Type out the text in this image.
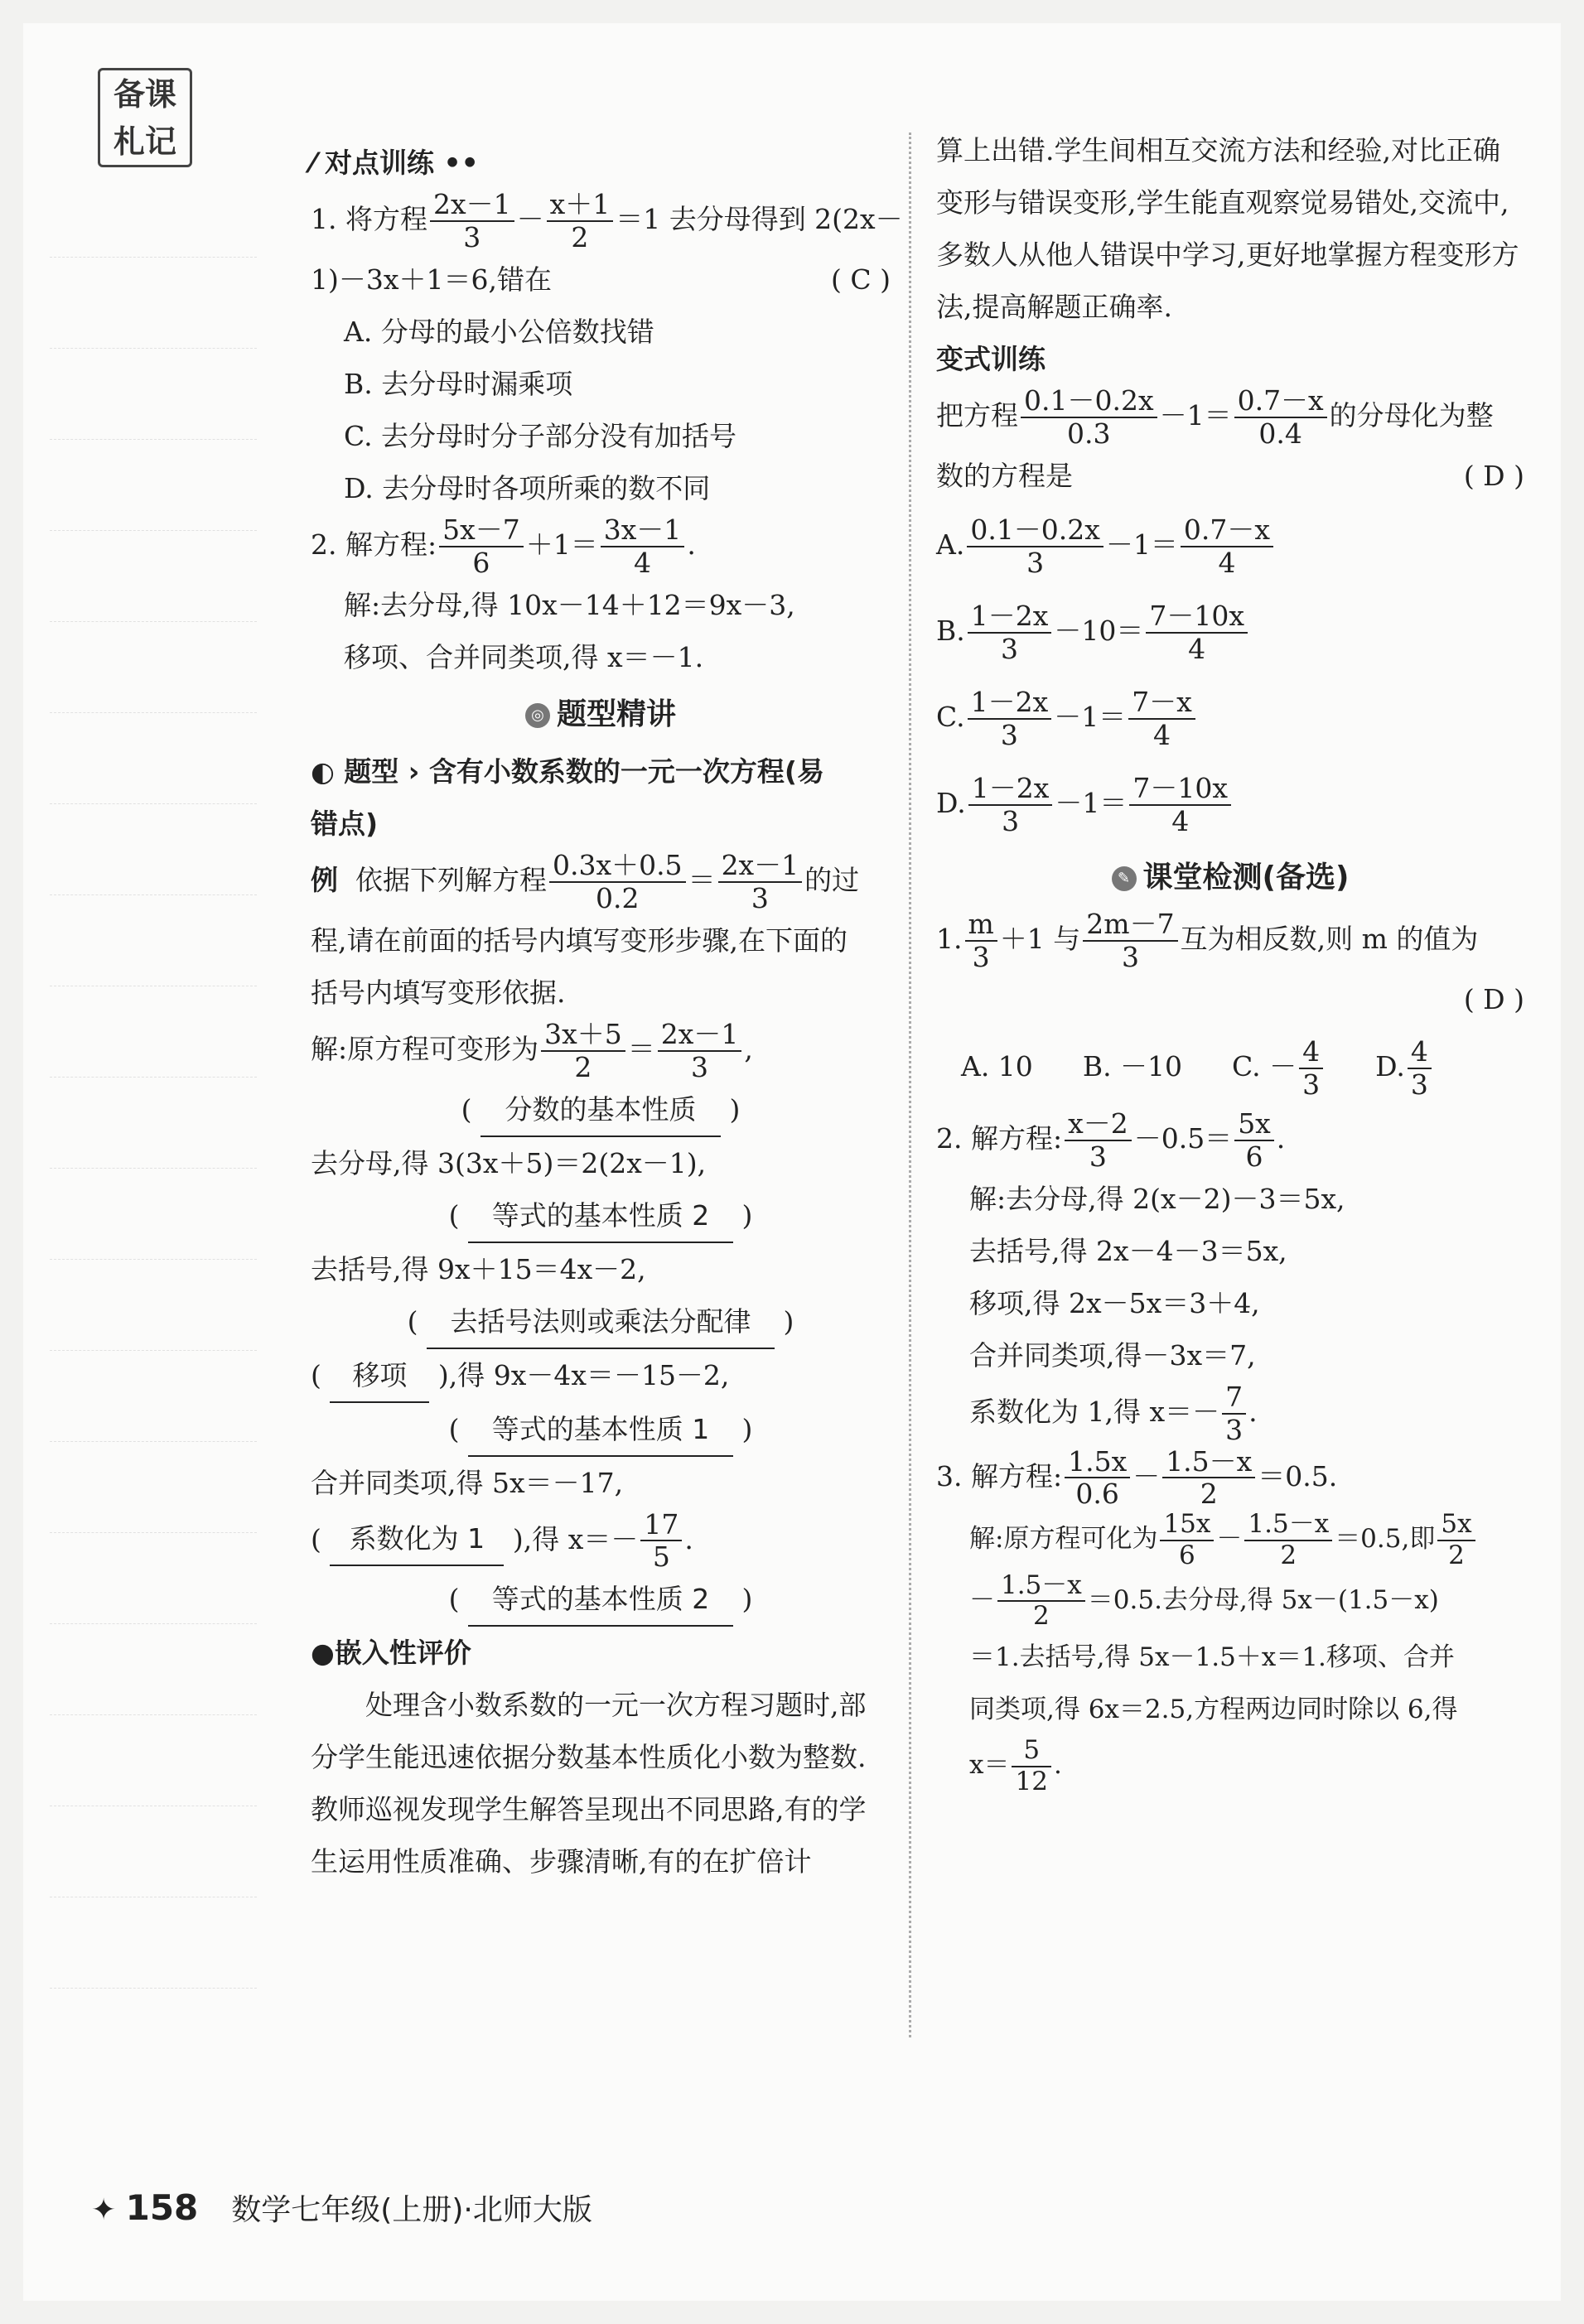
备课
札记

⁄ 对点训练 ••

1. 将方程 $\frac{2x-1}{3} - \frac{x+1}{2} =1$ 去分母得到 2(2x－

1)－3x＋1＝6,错在	( C )

A. 分母的最小公倍数找错

B. 去分母时漏乘项

C. 去分母时分子部分没有加括号

D. 去分母时各项所乘的数不同

2. 解方程: $\frac{5x-7}{6} +1= \frac{3x-1}{4}$ .

解:去分母,得 10x－14＋12＝9x－3,

移项、合并同类项,得 x＝－1.

◎ 题型精讲

◐ 题型 › 含有小数系数的一元一次方程(易

错点)

例 依据下列解方程 $\frac{0.3x+0.5}{0.2} = \frac{2x-1}{3}$ 的过

程,请在前面的括号内填写变形步骤,在下面的

括号内填写变形依据.

解:原方程可变形为 $\frac{3x+5}{2} = \frac{2x-1}{3}$ ,

( 分数的基本性质 )

去分母,得 3(3x＋5)＝2(2x－1),

( 等式的基本性质 2 )

去括号,得 9x＋15＝4x－2,

( 去括号法则或乘法分配律 )

( 移项 ),得 9x－4x＝－15－2,

( 等式的基本性质 1 )

合并同类项,得 5x＝－17,

( 系数化为 1 ),得 $x=- \frac{17}{5}$ .

( 等式的基本性质 2 )

●嵌入性评价

处理含小数系数的一元一次方程习题时,部分学生能迅速依据分数基本性质化小数为整数.教师巡视发现学生解答呈现出不同思路,有的学生运用性质准确、步骤清晰,有的在扩倍计

算上出错.学生间相互交流方法和经验,对比正确变形与错误变形,学生能直观察觉易错处,交流中,多数人从他人错误中学习,更好地掌握方程变形方法,提高解题正确率.

变式训练

把方程 $\frac{0.1-0.2x}{0.3} -1= \frac{0.7-x}{0.4}$ 的分母化为整

数的方程是	( D )

A. $\frac{0.1-0.2x}{3} -1= \frac{0.7-x}{4}$

B. $\frac{1-2x}{3} -10= \frac{7-10x}{4}$

C. $\frac{1-2x}{3} -1= \frac{7-x}{4}$

D. $\frac{1-2x}{3} -1= \frac{7-10x}{4}$

✎ 课堂检测(备选)

1. $\frac{m}{3} +1$ 与 $\frac{2m-7}{3}$ 互为相反数,则 m 的值为

( D )

A. 10 B. －10 C. － $\frac{4}{3} D$. $\frac{4}{3}$

2. 解方程: $\frac{x-2}{3} -0.5= \frac{5x}{6}$ .

解:去分母,得 2(x－2)－3＝5x,

去括号,得 2x－4－3＝5x,

移项,得 2x－5x＝3＋4,

合并同类项,得－3x＝7,

系数化为 1,得 $x=- \frac{7}{3}$ .

3. 解方程: $\frac{1.5x}{0.6} - \frac{1.5-x}{2} =0.5$.

解:原方程可化为 $\frac{15x}{6} - \frac{1.5-x}{2} =0.5$,即 $\frac{5x}{2}$

－ $\frac{1.5-x}{2} =0.5$.去分母,得 5x－(1.5－x)

＝1.去括号,得 5x－1.5＋x＝1.移项、合并

同类项,得 6x＝2.5,方程两边同时除以 6,得

$x= \frac{5}{12}$ .

✦ 158 数学七年级(上册)·北师大版
